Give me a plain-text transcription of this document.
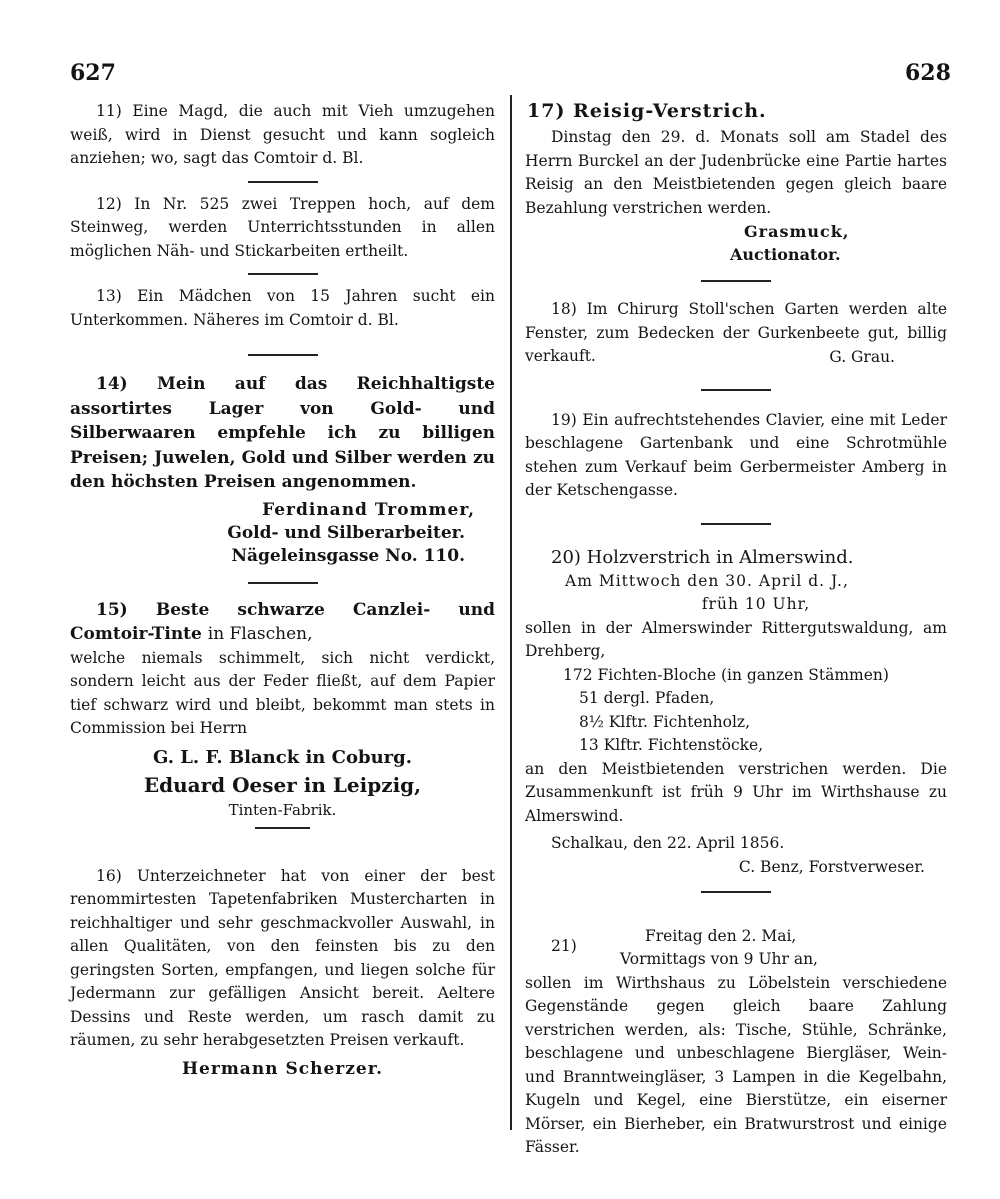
627	628

11) Eine Magd, die auch mit Vieh umzugehen weiß, wird in Dienst gesucht und kann sogleich anziehen; wo, sagt das Comtoir d. Bl.

12) In Nr. 525 zwei Treppen hoch, auf dem Steinweg, werden Unterrichtsstunden in allen möglichen Näh- und Stickarbeiten ertheilt.

13) Ein Mädchen von 15 Jahren sucht ein Unterkommen. Näheres im Comtoir d. Bl.

14) Mein auf das Reichhaltigste assortirtes Lager von Gold- und Silberwaaren empfehle ich zu billigen Preisen; Juwelen, Gold und Silber werden zu den höchsten Preisen angenommen.

Ferdinand Trommer,
Gold- und Silberarbeiter.
Nägeleinsgasse No. 110.

15) Beste schwarze Canzlei- und Comtoir-Tinte in Flaschen,

welche niemals schimmelt, sich nicht verdickt, sondern leicht aus der Feder fließt, auf dem Papier tief schwarz wird und bleibt, bekommt man stets in Commission bei Herrn

G. L. F. Blanck in Coburg.
Eduard Oeser in Leipzig,
Tinten-Fabrik.

16) Unterzeichneter hat von einer der best renommirtesten Tapetenfabriken Mustercharten in reichhaltiger und sehr geschmackvoller Auswahl, in allen Qualitäten, von den feinsten bis zu den geringsten Sorten, empfangen, und liegen solche für Jedermann zur gefälligen Ansicht bereit. Aeltere Dessins und Reste werden, um rasch damit zu räumen, zu sehr herabgesetzten Preisen verkauft.

Hermann Scherzer.

17) Reisig-Verstrich.

Dinstag den 29. d. Monats soll am Stadel des Herrn Burckel an der Judenbrücke eine Partie hartes Reisig an den Meistbietenden gegen gleich baare Bezahlung verstrichen werden.

Grasmuck,
Auctionator.

18) Im Chirurg Stoll'schen Garten werden alte Fenster, zum Bedecken der Gurkenbeete gut, billig verkauft.	G. Grau.

19) Ein aufrechtstehendes Clavier, eine mit Leder beschlagene Gartenbank und eine Schrotmühle stehen zum Verkauf beim Gerbermeister Amberg in der Ketschengasse.

20) Holzverstrich in Almerswind.

Am Mittwoch den 30. April d. J.,

früh 10 Uhr,

sollen in der Almerswinder Rittergutswaldung, am Drehberg,

172 Fichten-Bloche (in ganzen Stämmen)
51 dergl. Pfaden,
8½ Klftr. Fichtenholz,
13 Klftr. Fichtenstöcke,

an den Meistbietenden verstrichen werden. Die Zusammenkunft ist früh 9 Uhr im Wirthshause zu Almerswind.

Schalkau, den 22. April 1856.

C. Benz, Forstverweser.

21)
Freitag den 2. Mai,
Vormittags von 9 Uhr an,

sollen im Wirthshaus zu Löbelstein verschiedene Gegenstände gegen gleich baare Zahlung verstrichen werden, als: Tische, Stühle, Schränke, beschlagene und unbeschlagene Biergläser, Wein- und Branntweingläser, 3 Lampen in die Kegelbahn, Kugeln und Kegel, eine Bierstütze, ein eiserner Mörser, ein Bierheber, ein Bratwurstrost und einige Fässer.
